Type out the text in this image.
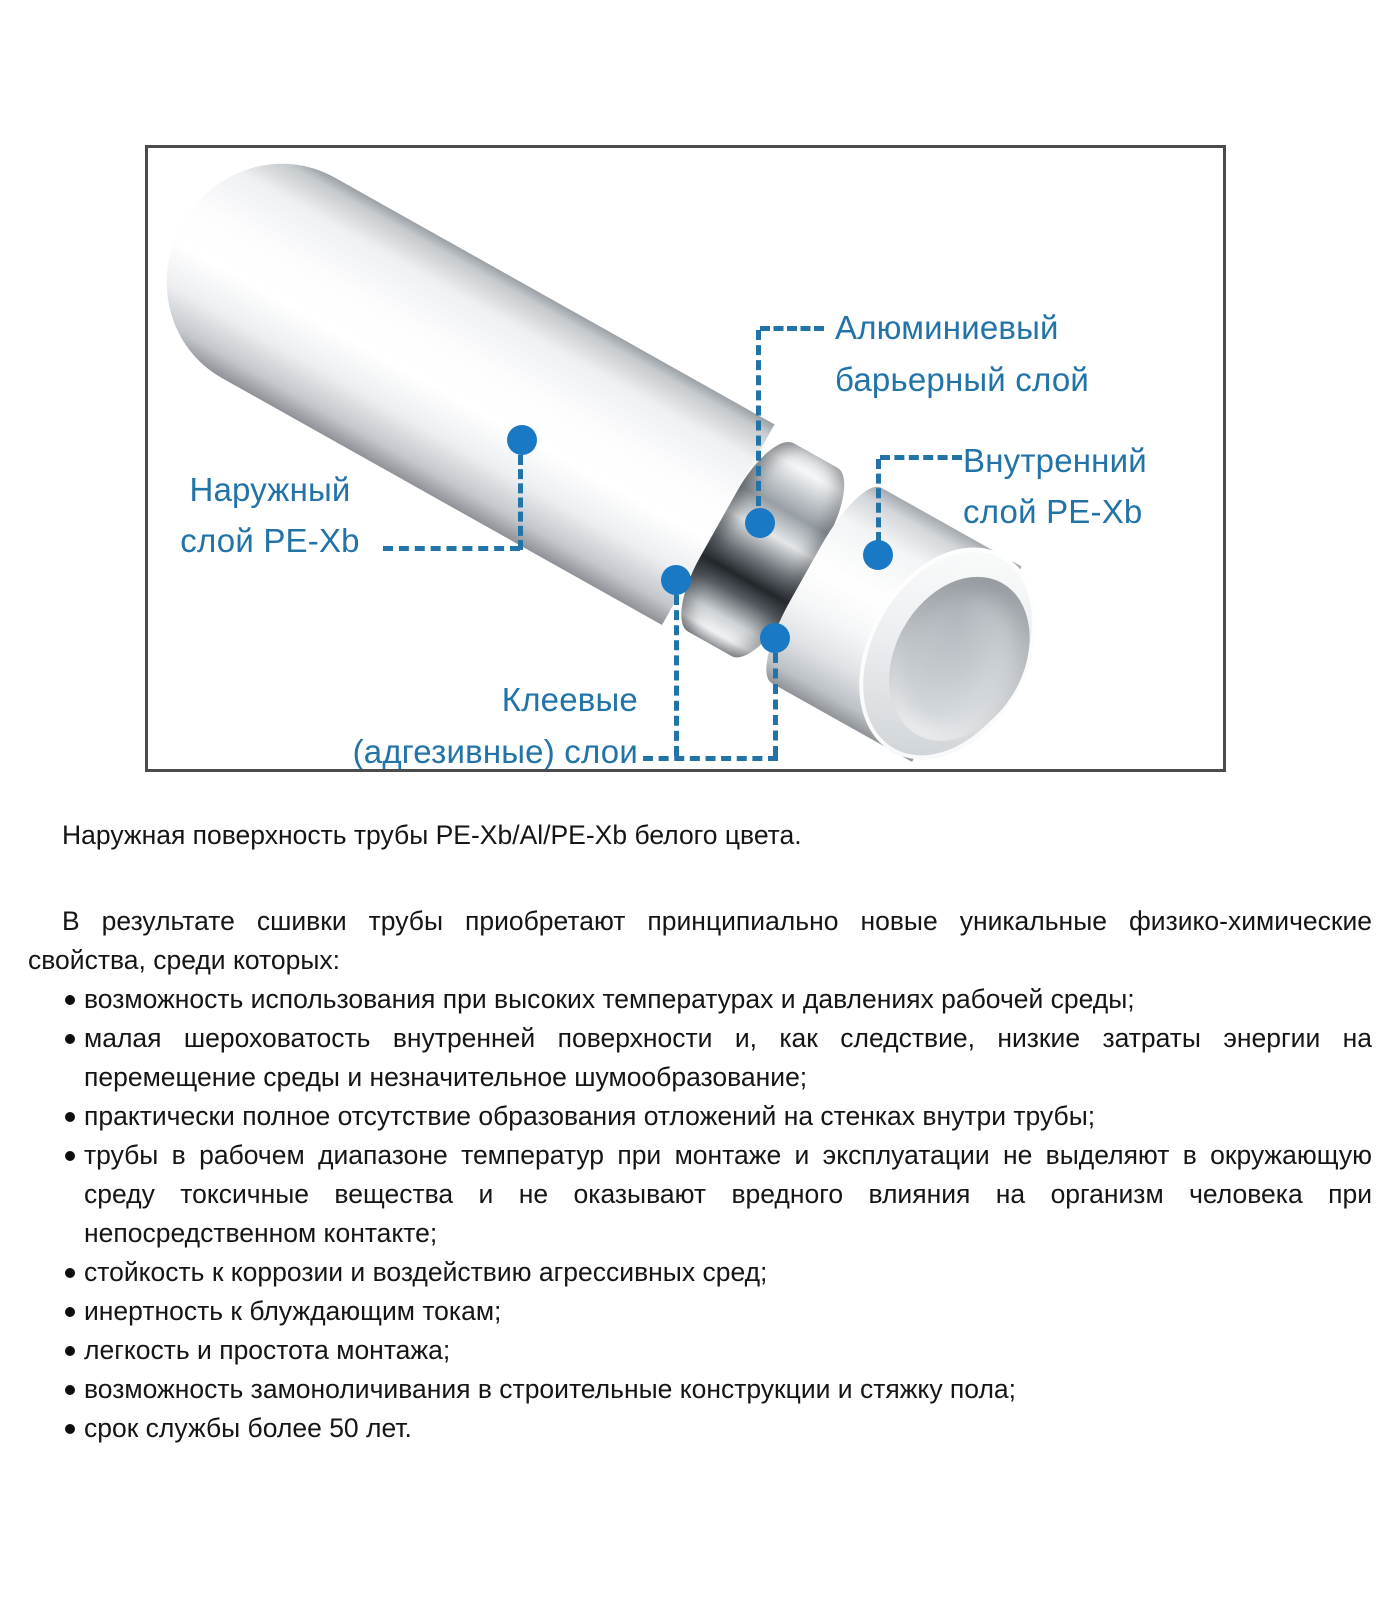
Наружный
слой PE-Xb
Алюминиевый
барьерный слой
Внутренний
слой PE-Xb
Клеевые
(адгезивные) слои

Наружная поверхность трубы PE-Xb/Al/PE-Xb белого цвета.

В результате сшивки трубы приобретают принципиально новые уникальные физико-химические свойства, среди которых:

возможность использования при высоких температурах и давлениях рабочей среды;
малая шероховатость внутренней поверхности и, как следствие, низкие затраты энергии на перемещение среды и незначительное шумообразование;
практически полное отсутствие образования отложений на стенках внутри трубы;
трубы в рабочем диапазоне температур при монтаже и эксплуатации не выделяют в окружающую среду токсичные вещества и не оказывают вредного влияния на организм человека при непосредственном контакте;
стойкость к коррозии и воздействию агрессивных сред;
инертность к блуждающим токам;
легкость и простота монтажа;
возможность замоноличивания в строительные конструкции и стяжку пола;
срок службы более 50 лет.
